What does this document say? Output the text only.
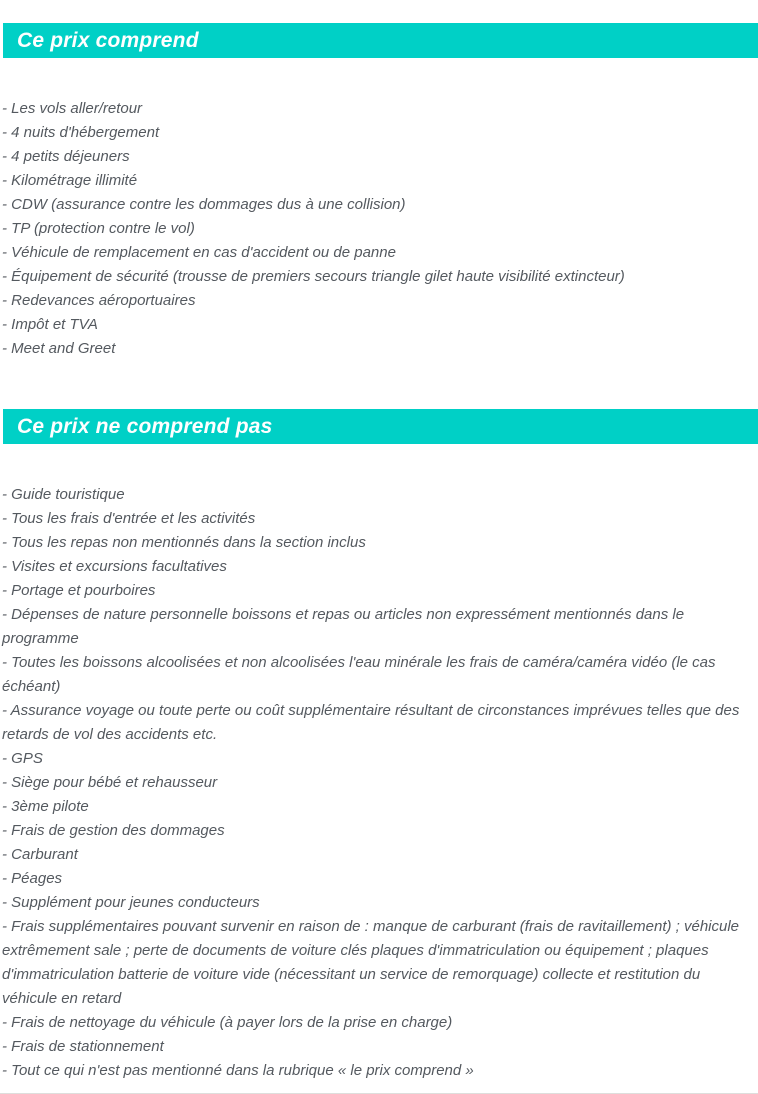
Ce prix comprend
- Les vols aller/retour
- 4 nuits d'hébergement
- 4 petits déjeuners
- Kilométrage illimité
- CDW (assurance contre les dommages dus à une collision)
- TP (protection contre le vol)
- Véhicule de remplacement en cas d'accident ou de panne
- Équipement de sécurité (trousse de premiers secours triangle gilet haute visibilité extincteur)
- Redevances aéroportuaires
- Impôt et TVA
- Meet and Greet
Ce prix ne comprend pas
- Guide touristique
- Tous les frais d'entrée et les activités
- Tous les repas non mentionnés dans la section inclus
- Visites et excursions facultatives
- Portage et pourboires
- Dépenses de nature personnelle boissons et repas ou articles non expressément mentionnés dans le programme
- Toutes les boissons alcoolisées et non alcoolisées l'eau minérale les frais de caméra/caméra vidéo (le cas échéant)
- Assurance voyage ou toute perte ou coût supplémentaire résultant de circonstances imprévues telles que des retards de vol des accidents etc.
- GPS
- Siège pour bébé et rehausseur
- 3ème pilote
- Frais de gestion des dommages
- Carburant
- Péages
- Supplément pour jeunes conducteurs
- Frais supplémentaires pouvant survenir en raison de : manque de carburant (frais de ravitaillement) ; véhicule extrêmement sale ; perte de documents de voiture clés plaques d'immatriculation ou équipement ; plaques d'immatriculation batterie de voiture vide (nécessitant un service de remorquage) collecte et restitution du véhicule en retard
- Frais de nettoyage du véhicule (à payer lors de la prise en charge)
- Frais de stationnement
- Tout ce qui n'est pas mentionné dans la rubrique « le prix comprend »
